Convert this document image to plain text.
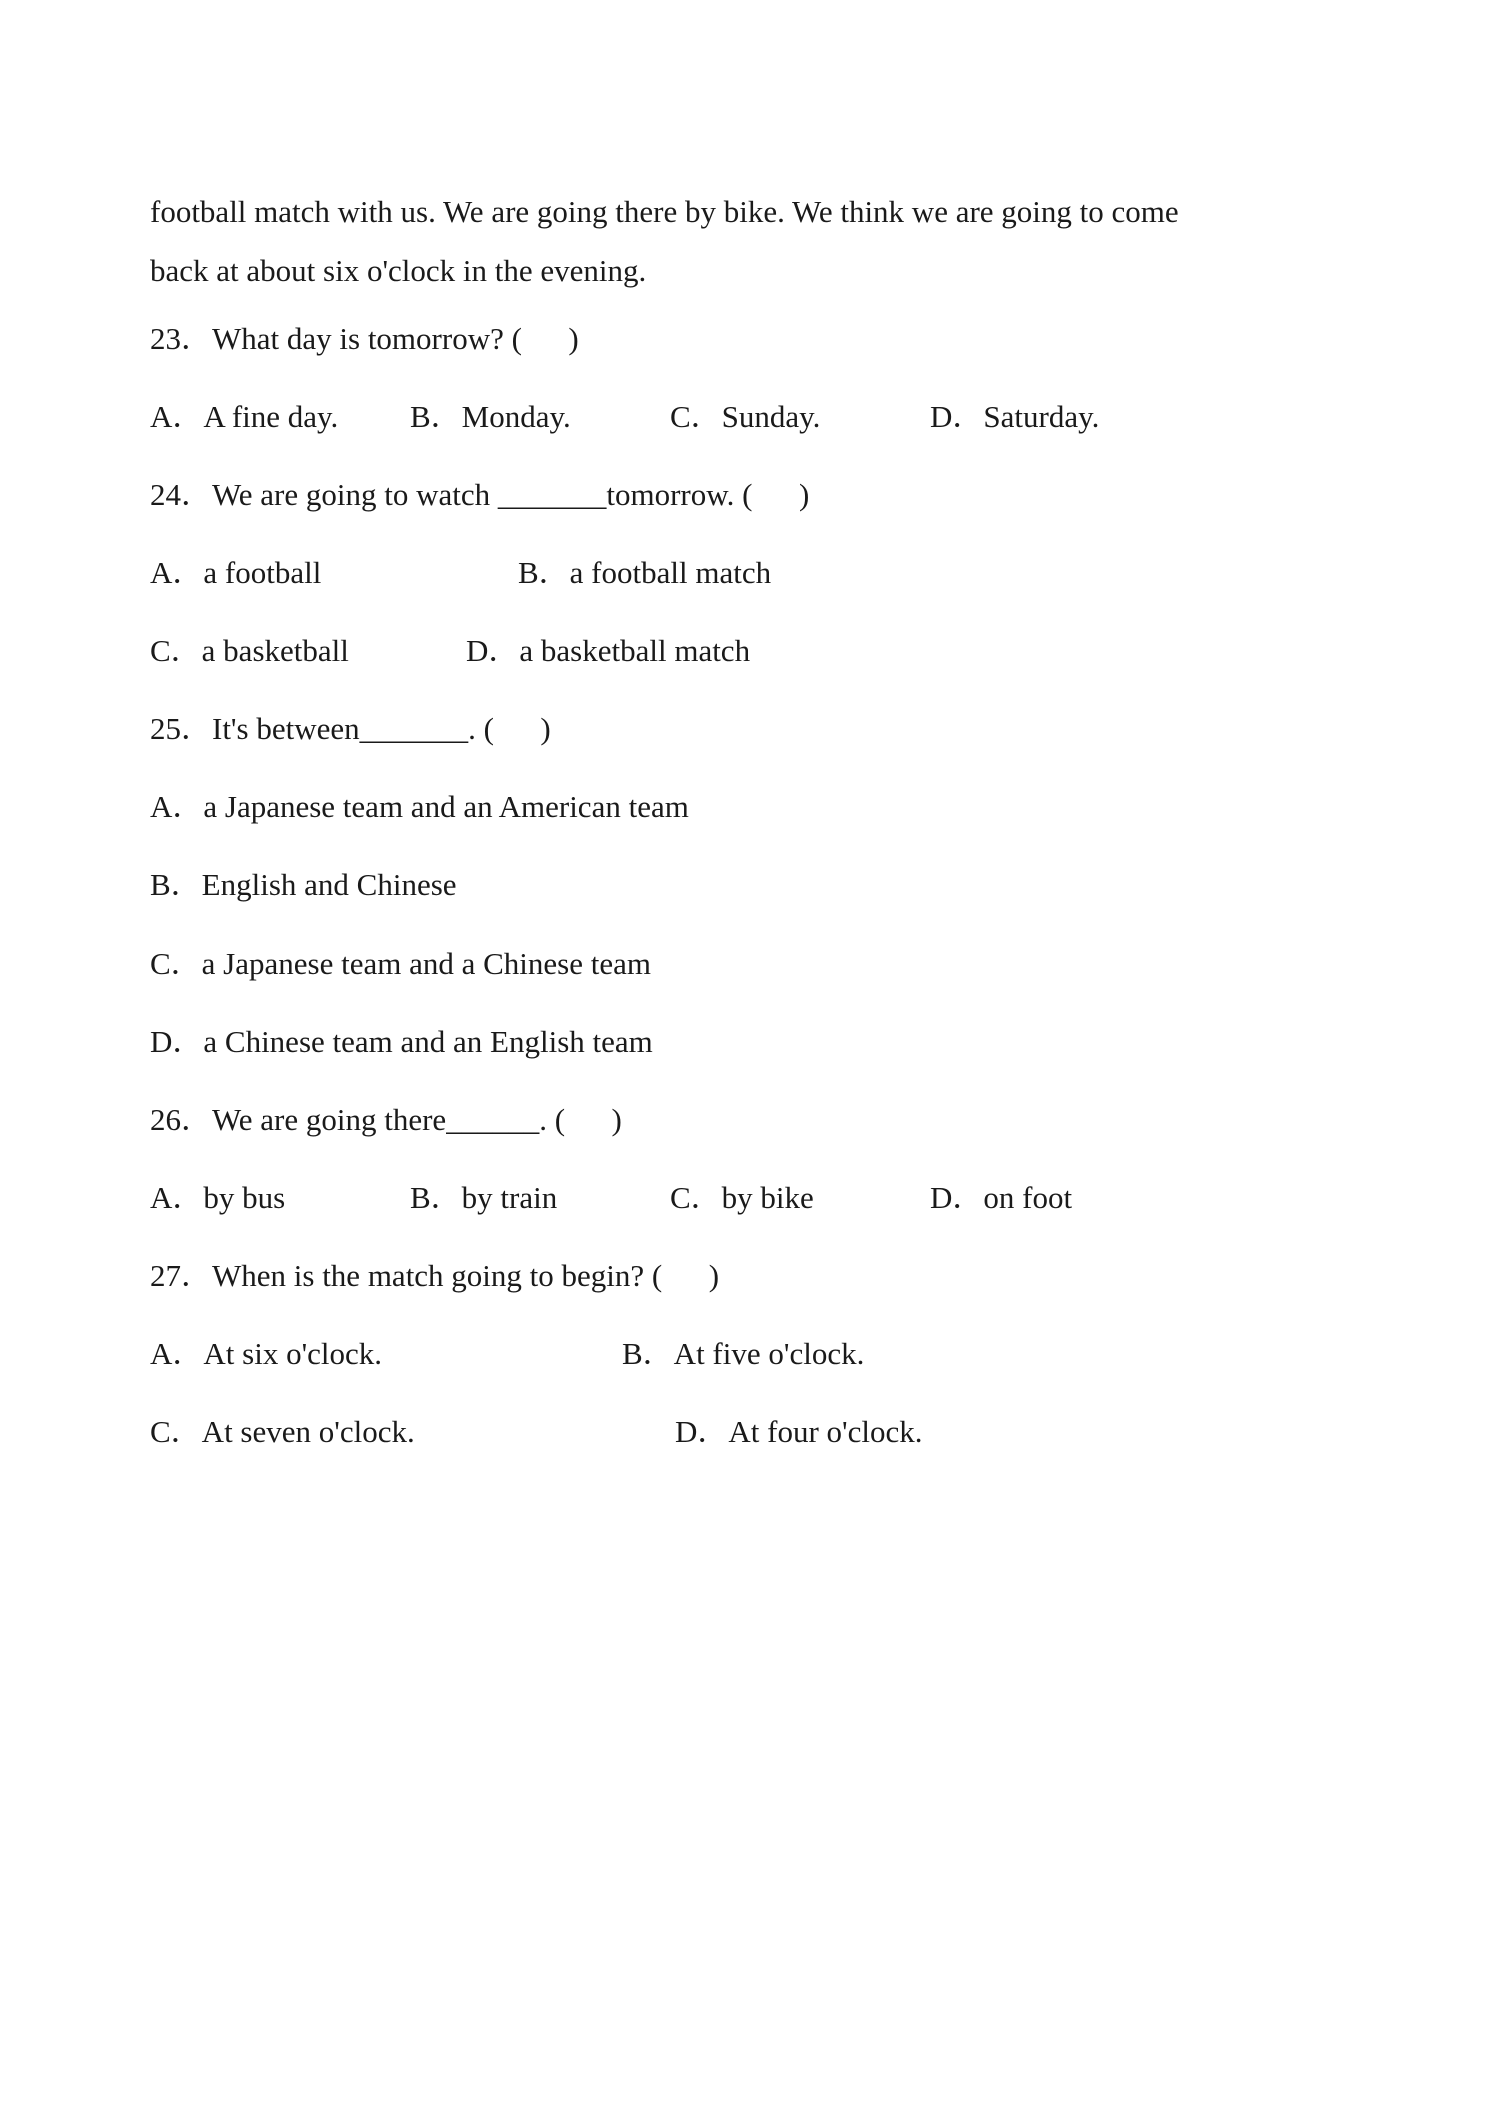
football match with us. We are going there by bike. We think we are going to come
back at about six o'clock in the evening.
23．What day is tomorrow? (      )
A．A fine day. B．Monday.	C．Sunday.	D．Saturday.
24．We are going to watch _______tomorrow. (      )
A．a football	B．a football match
C．a basketball	D．a basketball match
25．It's between_______. (      )
A．a Japanese team and an American team
B．English and Chinese
C．a Japanese team and a Chinese team
D．a Chinese team and an English team
26．We are going there______. (      )
A．by bus	B．by train	C．by bike	D．on foot
27．When is the match going to begin? (      )
A．At six o'clock.	B．At five o'clock.
C．At seven o'clock.	D．At four o'clock.
